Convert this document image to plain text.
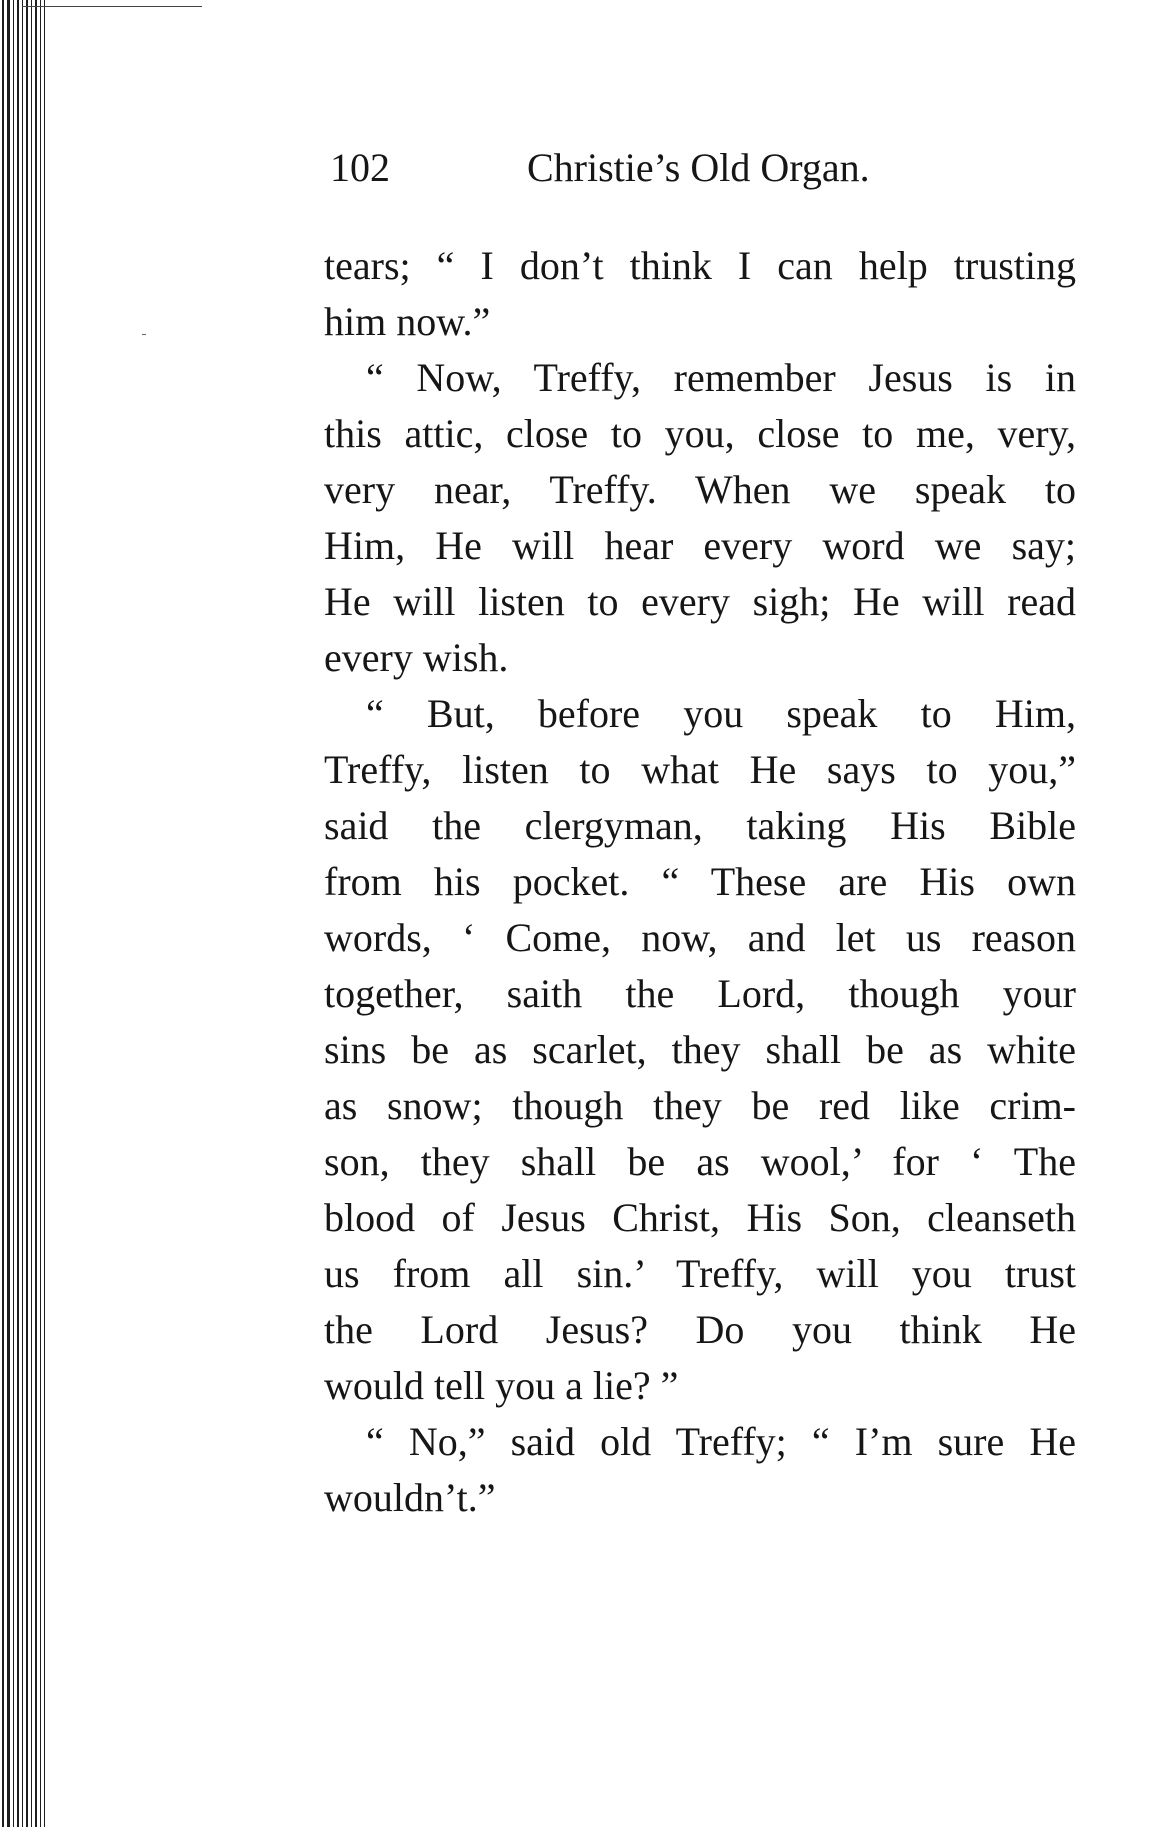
102	Christie’s Old Organ.
tears; “ I don’t think I can help trusting
him now.”
“ Now, Treffy, remember Jesus is in
this attic, close to you, close to me, very,
very near, Treffy. When we speak to
Him, He will hear every word we say;
He will listen to every sigh; He will read
every wish.
“ But, before you speak to Him,
Treffy, listen to what He says to you,”
said the clergyman, taking His Bible
from his pocket. “ These are His own
words, ‘ Come, now, and let us reason
together, saith the Lord, though your
sins be as scarlet, they shall be as white
as snow; though they be red like crim-
son, they shall be as wool,’ for ‘ The
blood of Jesus Christ, His Son, cleanseth
us from all sin.’ Treffy, will you trust
the Lord Jesus? Do you think He
would tell you a lie? ”
“ No,” said old Treffy; “ I’m sure He
wouldn’t.”
